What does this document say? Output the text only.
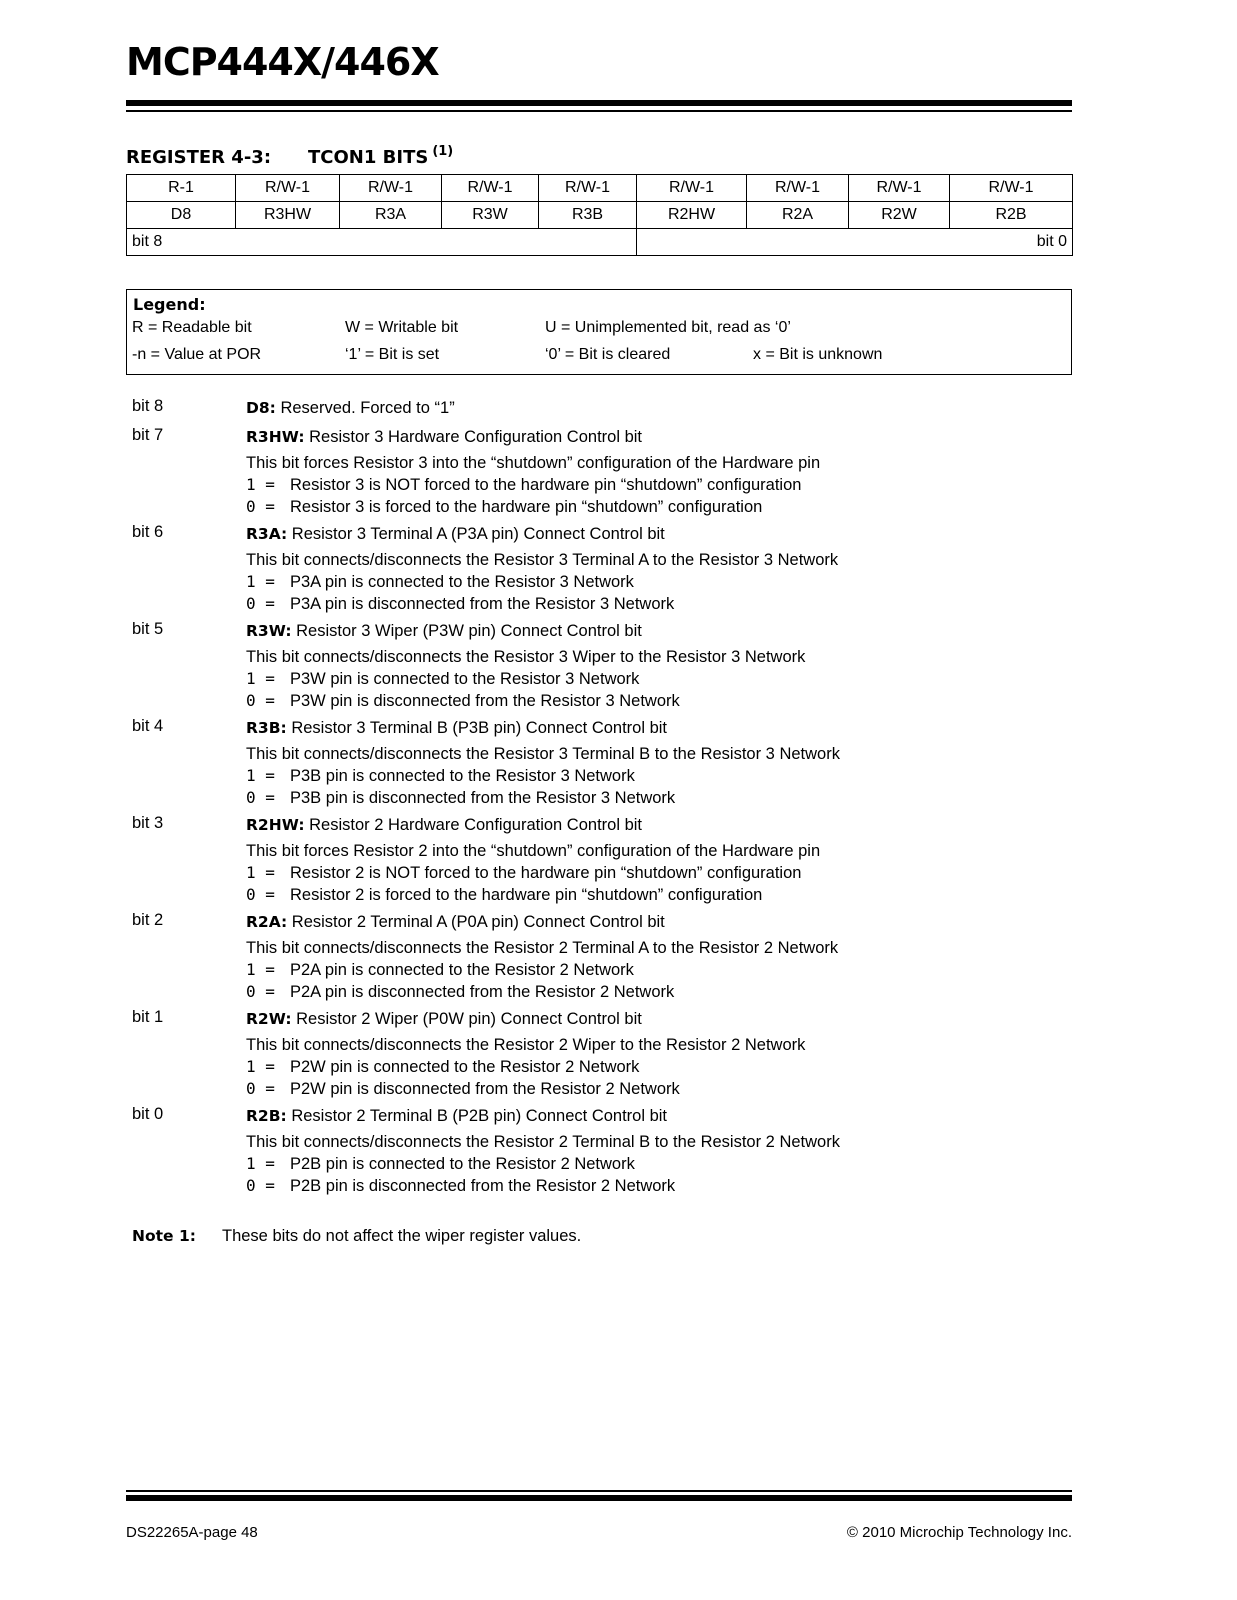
MCP444X/446X
REGISTER 4-3: TCON1 BITS $^{(1)}$
R-1	R/W-1	R/W-1	R/W-1	R/W-1	R/W-1	R/W-1	R/W-1	R/W-1
D8	R3HW	R3A	R3W	R3B	R2HW	R2A	R2W	R2B
bit 8					bit 0			
Legend:
R = Readable bit	W = Writable bit	U = Unimplemented bit, read as ‘0’
-n = Value at POR	‘1’ = Bit is set	‘0’ = Bit is cleared	x = Bit is unknown
bit 8	D8: Reserved. Forced to “1”
bit 7	R3HW: Resistor 3 Hardware Configuration Control bit
This bit forces Resistor 3 into the “shutdown” configuration of the Hardware pin
1 = Resistor 3 is NOT forced to the hardware pin “shutdown” configuration
0 = Resistor 3 is forced to the hardware pin “shutdown” configuration
bit 6	R3A: Resistor 3 Terminal A (P3A pin) Connect Control bit
This bit connects/disconnects the Resistor 3 Terminal A to the Resistor 3 Network
1 = P3A pin is connected to the Resistor 3 Network
0 = P3A pin is disconnected from the Resistor 3 Network
bit 5	R3W: Resistor 3 Wiper (P3W pin) Connect Control bit
This bit connects/disconnects the Resistor 3 Wiper to the Resistor 3 Network
1 = P3W pin is connected to the Resistor 3 Network
0 = P3W pin is disconnected from the Resistor 3 Network
bit 4	R3B: Resistor 3 Terminal B (P3B pin) Connect Control bit
This bit connects/disconnects the Resistor 3 Terminal B to the Resistor 3 Network
1 = P3B pin is connected to the Resistor 3 Network
0 = P3B pin is disconnected from the Resistor 3 Network
bit 3	R2HW: Resistor 2 Hardware Configuration Control bit
This bit forces Resistor 2 into the “shutdown” configuration of the Hardware pin
1 = Resistor 2 is NOT forced to the hardware pin “shutdown” configuration
0 = Resistor 2 is forced to the hardware pin “shutdown” configuration
bit 2	R2A: Resistor 2 Terminal A (P0A pin) Connect Control bit
This bit connects/disconnects the Resistor 2 Terminal A to the Resistor 2 Network
1 = P2A pin is connected to the Resistor 2 Network
0 = P2A pin is disconnected from the Resistor 2 Network
bit 1	R2W: Resistor 2 Wiper (P0W pin) Connect Control bit
This bit connects/disconnects the Resistor 2 Wiper to the Resistor 2 Network
1 = P2W pin is connected to the Resistor 2 Network
0 = P2W pin is disconnected from the Resistor 2 Network
bit 0	R2B: Resistor 2 Terminal B (P2B pin) Connect Control bit
This bit connects/disconnects the Resistor 2 Terminal B to the Resistor 2 Network
1 = P2B pin is connected to the Resistor 2 Network
0 = P2B pin is disconnected from the Resistor 2 Network
Note 1: These bits do not affect the wiper register values.
DS22265A-page 48	© 2010 Microchip Technology Inc.
